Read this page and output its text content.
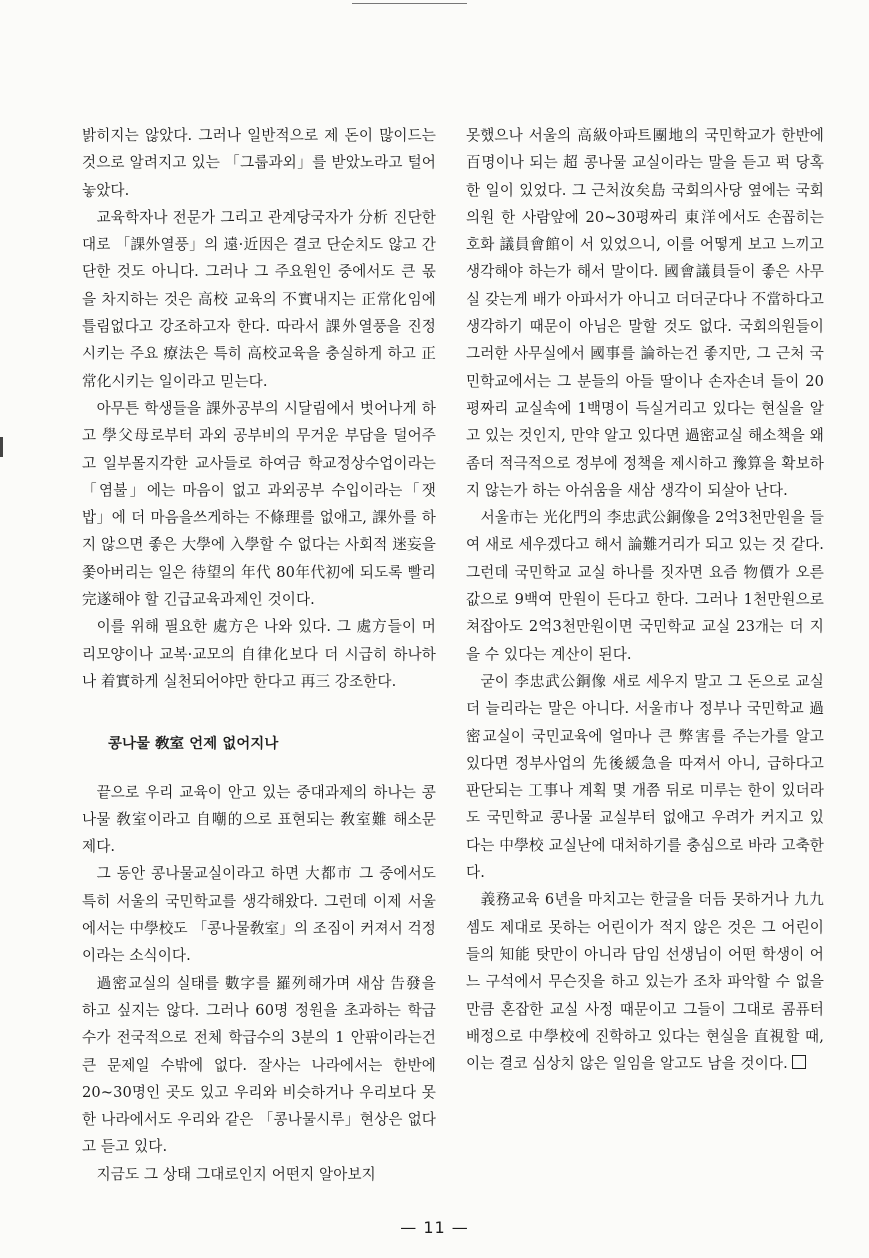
밝히지는 않았다. 그러나 일반적으로 제 돈이 많이드는 것으로 알려지고 있는 「그룹과외」를 받았노라고 털어 놓았다.

교육학자나 전문가 그리고 관계당국자가 分析 진단한대로 「課外열풍」의 遠·近因은 결코 단순치도 않고 간단한 것도 아니다. 그러나 그 주요원인 중에서도 큰 몫을 차지하는 것은 高校 교육의 不實내지는 正常化임에 틀림없다고 강조하고자 한다. 따라서 課外열풍을 진정시키는 주요 療法은 특히 高校교육을 충실하게 하고 正常化시키는 일이라고 믿는다.

아무튼 학생들을 課外공부의 시달림에서 벗어나게 하고 學父母로부터 과외 공부비의 무거운 부담을 덜어주고 일부몰지각한 교사들로 하여금 학교정상수업이라는「염불」에는 마음이 없고 과외공부 수입이라는「잿밥」에 더 마음을쓰게하는 不條理를 없애고, 課外를 하지 않으면 좋은 大學에 入學할 수 없다는 사회적 迷妄을 쫓아버리는 일은 待望의 年代 80年代初에 되도록 빨리 完遂해야 할 긴급교육과제인 것이다.

이를 위해 필요한 處方은 나와 있다. 그 處方들이 머리모양이나 교복·교모의 自律化보다 더 시급히 하나하나 着實하게 실천되어야만 한다고 再三 강조한다.

콩나물 敎室 언제 없어지나

끝으로 우리 교육이 안고 있는 중대과제의 하나는 콩나물 敎室이라고 自嘲的으로 표현되는 敎室難 해소문제다.

그 동안 콩나물교실이라고 하면 大都市 그 중에서도 특히 서울의 국민학교를 생각해왔다. 그런데 이제 서울에서는 中學校도 「콩나물敎室」의 조짐이 커져서 걱정이라는 소식이다.

過密교실의 실태를 數字를 羅列해가며 새삼 告發을 하고 싶지는 않다. 그러나 60명 정원을 초과하는 학급수가 전국적으로 전체 학급수의 3분의 1 안팎이라는건 큰 문제일 수밖에 없다. 잘사는 나라에서는 한반에 20~30명인 곳도 있고 우리와 비슷하거나 우리보다 못한 나라에서도 우리와 같은 「콩나물시루」현상은 없다고 듣고 있다.

지금도 그 상태 그대로인지 어떤지 알아보지

못했으나 서울의 高級아파트團地의 국민학교가 한반에 百명이나 되는 超 콩나물 교실이라는 말을 듣고 퍽 당혹한 일이 있었다. 그 근처汝矣島 국회의사당 옆에는 국회의원 한 사람앞에 20~30평짜리 東洋에서도 손꼽히는 호화 議員會館이 서 있었으니, 이를 어떻게 보고 느끼고 생각해야 하는가 해서 말이다. 國會議員들이 좋은 사무실 갖는게 배가 아파서가 아니고 더더군다나 不當하다고 생각하기 때문이 아님은 말할 것도 없다. 국회의원들이 그러한 사무실에서 國事를 論하는건 좋지만, 그 근처 국민학교에서는 그 분들의 아들 딸이나 손자손녀 들이 20평짜리 교실속에 1백명이 득실거리고 있다는 현실을 알고 있는 것인지, 만약 알고 있다면 過密교실 해소책을 왜 좀더 적극적으로 정부에 정책을 제시하고 豫算을 확보하지 않는가 하는 아쉬움을 새삼 생각이 되살아 난다.

서울市는 光化門의 李忠武公銅像을 2억3천만원을 들여 새로 세우겠다고 해서 論難거리가 되고 있는 것 같다. 그런데 국민학교 교실 하나를 짓자면 요즘 物價가 오른 값으로 9백여 만원이 든다고 한다. 그러나 1천만원으로 쳐잡아도 2억3천만원이면 국민학교 교실 23개는 더 지을 수 있다는 계산이 된다.

굳이 李忠武公銅像 새로 세우지 말고 그 돈으로 교실 더 늘리라는 말은 아니다. 서울市나 정부나 국민학교 過密교실이 국민교육에 얼마나 큰 弊害를 주는가를 알고 있다면 정부사업의 先後緩急을 따져서 아니, 급하다고 판단되는 工事나 계획 몇 개쯤 뒤로 미루는 한이 있더라도 국민학교 콩나물 교실부터 없애고 우려가 커지고 있다는 中學校 교실난에 대처하기를 충심으로 바라 고축한다.

義務교육 6년을 마치고는 한글을 더듬 못하거나 九九셈도 제대로 못하는 어린이가 적지 않은 것은 그 어린이들의 知能 탓만이 아니라 담임 선생님이 어떤 학생이 어느 구석에서 무슨짓을 하고 있는가 조차 파악할 수 없을만큼 혼잡한 교실 사정 때문이고 그들이 그대로 콤퓨터 배정으로 中學校에 진학하고 있다는 현실을 直視할 때, 이는 결코 심상치 않은 일임을 알고도 남을 것이다.

— 11 —
